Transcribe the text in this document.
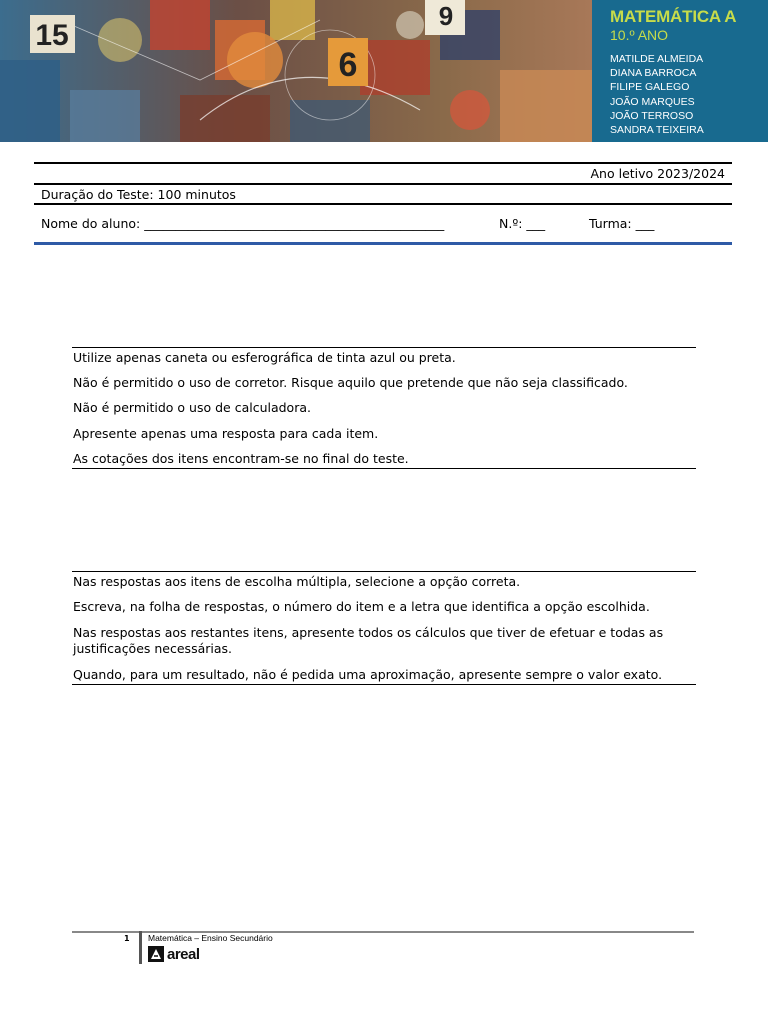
15
9
6
MATEMÁTICA A
10.º ANO
MATILDE ALMEIDA
DIANA BARROCA
FILIPE GALEGO
JOÃO MARQUES
JOÃO TERROSO
SANDRA TEIXEIRA
Ano letivo 2023/2024
Duração do Teste: 100 minutos
Nome do aluno: ________________________________________________	N.º: ___	Turma: ___
Utilize apenas caneta ou esferográfica de tinta azul ou preta.
Não é permitido o uso de corretor. Risque aquilo que pretende que não seja classificado.
Não é permitido o uso de calculadora.
Apresente apenas uma resposta para cada item.
As cotações dos itens encontram-se no final do teste.
Nas respostas aos itens de escolha múltipla, selecione a opção correta.
Escreva, na folha de respostas, o número do item e a letra que identifica a opção escolhida.
Nas respostas aos restantes itens, apresente todos os cálculos que tiver de efetuar e todas as justificações necessárias.
Quando, para um resultado, não é pedida uma aproximação, apresente sempre o valor exato.
1 Matemática – Ensino Secundário
areal
